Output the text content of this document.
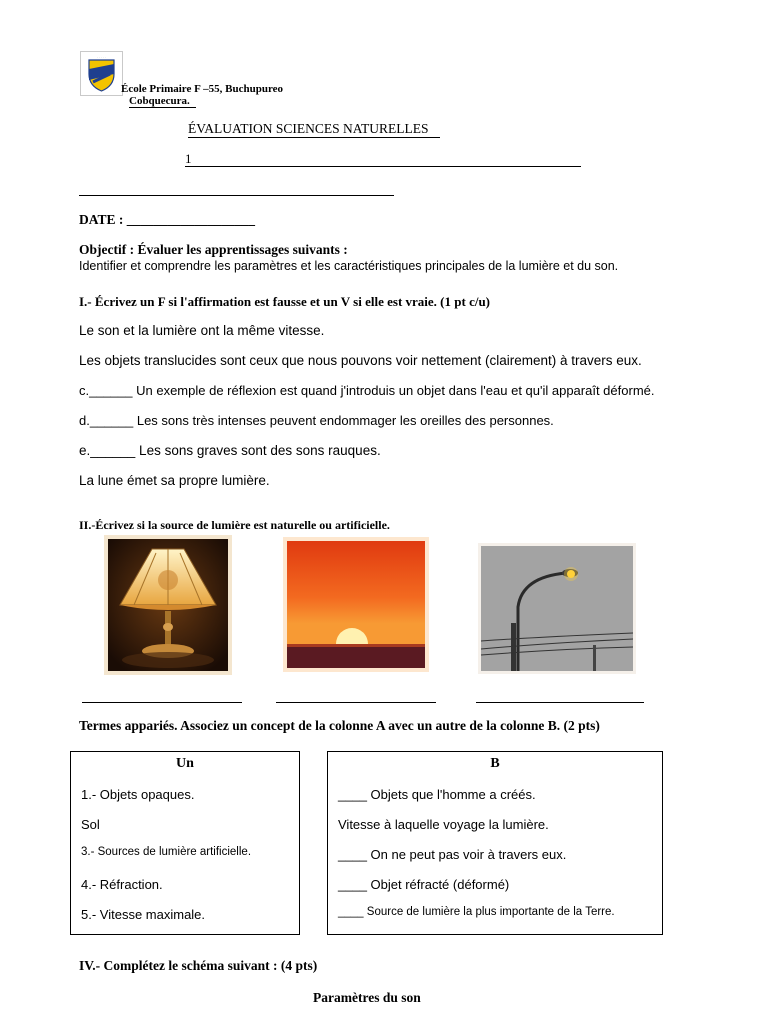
· · · · ·
École Primaire F –55, Buchupureo
Cobquecura.
ÉVALUATION SCIENCES NATURELLES
1
DATE : ___________________
Objectif : Évaluer les apprentissages suivants :
Identifier et comprendre les paramètres et les caractéristiques principales de la lumière et du son.
I.- Écrivez un F si l'affirmation est fausse et un V si elle est vraie. (1 pt c/u)
Le son et la lumière ont la même vitesse.
Les objets translucides sont ceux que nous pouvons voir nettement (clairement) à travers eux.
c.______ Un exemple de réflexion est quand j'introduis un objet dans l'eau et qu'il apparaît déformé.
d.______ Les sons très intenses peuvent endommager les oreilles des personnes.
e.______ Les sons graves sont des sons rauques.
La lune émet sa propre lumière.
II.-Écrivez si la source de lumière est naturelle ou artificielle.
Termes appariés. Associez un concept de la colonne A avec un autre de la colonne B. (2 pts)
Un
1.- Objets opaques.
Sol
3.- Sources de lumière artificielle.
4.- Réfraction.
5.- Vitesse maximale.
B
____ Objets que l'homme a créés.
Vitesse à laquelle voyage la lumière.
____ On ne peut pas voir à travers eux.
____ Objet réfracté (déformé)
____ Source de lumière la plus importante de la Terre.
IV.- Complétez le schéma suivant : (4 pts)
Paramètres du son
